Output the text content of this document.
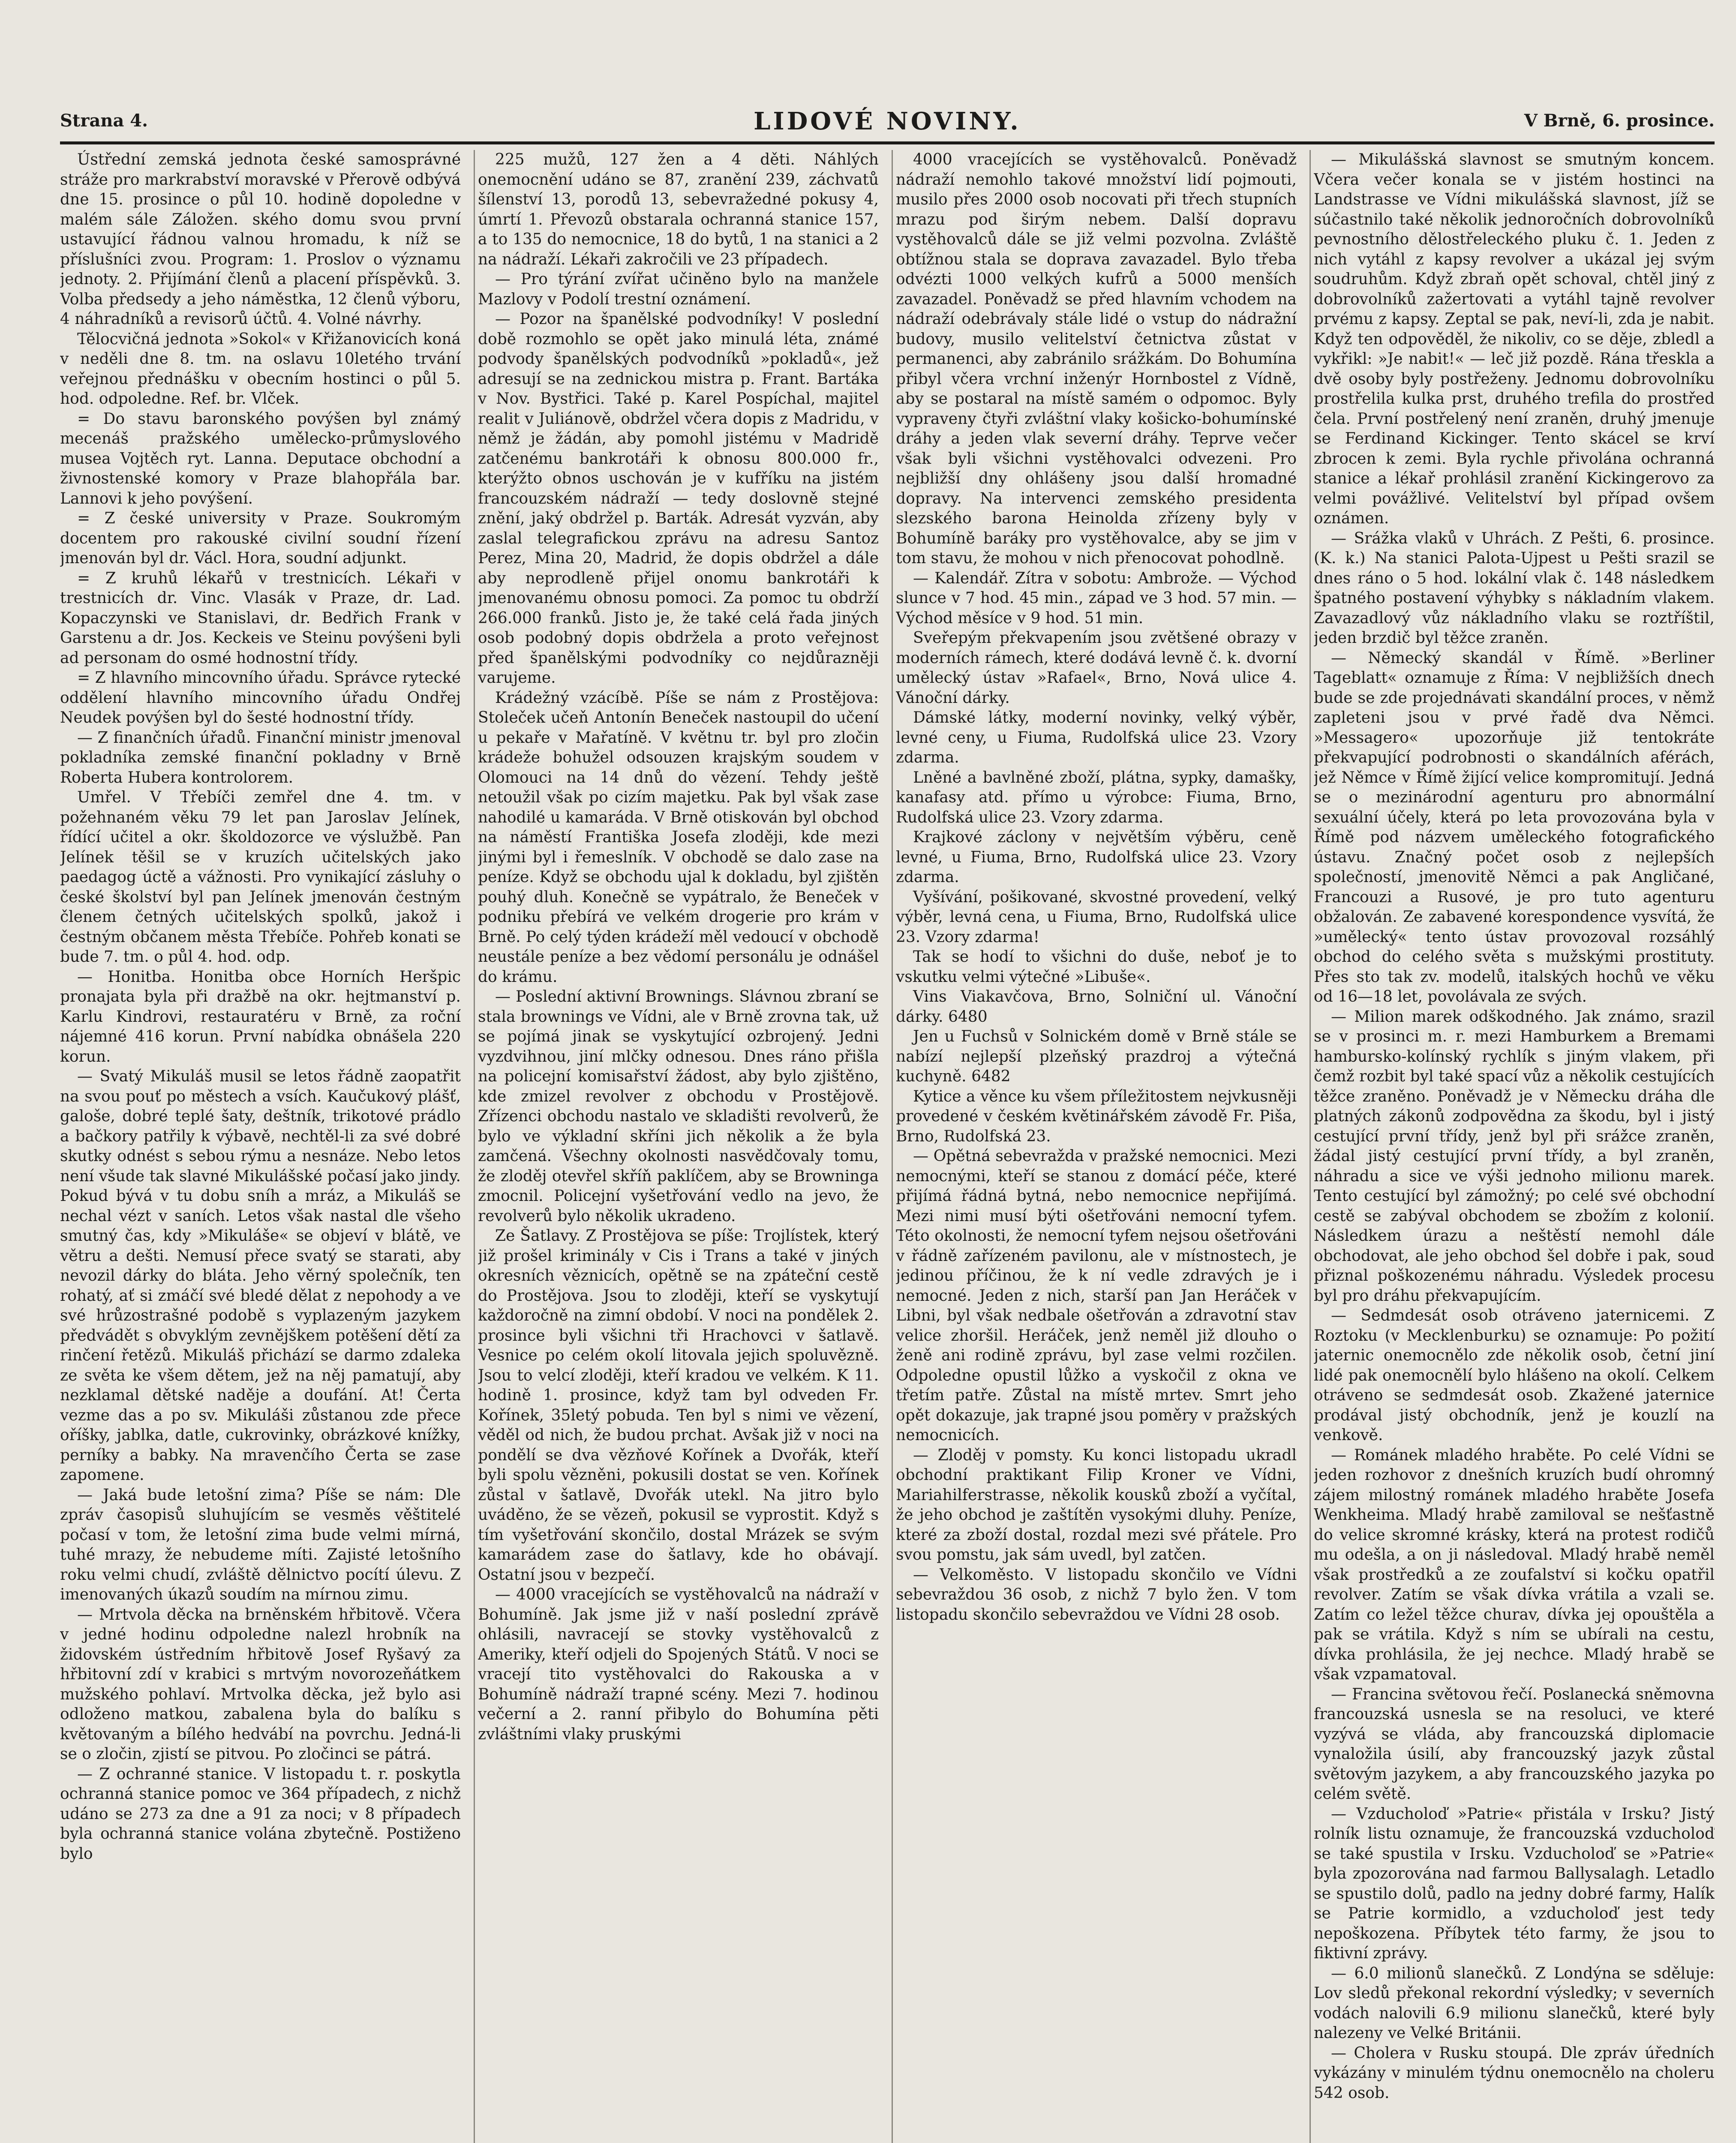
Strana 4.	LIDOVÉ NOVINY.	V Brně, 6. prosince.

Ústřední zemská jednota české samosprávné stráže pro markrabství moravské v Přerově odbývá dne 15. prosince o půl 10. hodině dopoledne v malém sále Záložen. ského domu svou první ustavující řádnou valnou hromadu, k níž se příslušníci zvou. Program: 1. Proslov o významu jednoty. 2. Přijímání členů a placení příspěvků. 3. Volba předsedy a jeho náměstka, 12 členů výboru, 4 náhradníků a revisorů účtů. 4. Volné návrhy.

Tělocvičná jednota »Sokol« v Křižanovicích koná v neděli dne 8. tm. na oslavu 10letého trvání veřejnou přednášku v obecním hostinci o půl 5. hod. odpoledne. Ref. br. Vlček.

= Do stavu baronského povýšen byl známý mecenáš pražského umělecko-průmyslového musea Vojtěch ryt. Lanna. Deputace obchodní a živnostenské komory v Praze blahopřála bar. Lannovi k jeho povýšení.

= Z české university v Praze. Soukromým docentem pro rakouské civilní soudní řízení jmenován byl dr. Václ. Hora, soudní adjunkt.

= Z kruhů lékařů v trestnicích. Lékaři v trestnicích dr. Vinc. Vlasák v Praze, dr. Lad. Kopaczynski ve Stanislavi, dr. Bedřich Frank v Garstenu a dr. Jos. Keckeis ve Steinu povýšeni byli ad personam do osmé hodnostní třídy.

= Z hlavního mincovního úřadu. Správce rytecké oddělení hlavního mincovního úřadu Ondřej Neudek povýšen byl do šesté hodnostní třídy.

— Z finančních úřadů. Finanční ministr jmenoval pokladníka zemské finanční pokladny v Brně Roberta Hubera kontrolorem.

Umřel. V Třebíči zemřel dne 4. tm. v požehnaném věku 79 let pan Jaroslav Jelínek, řídící učitel a okr. školdozorce ve výslužbě. Pan Jelínek těšil se v kruzích učitelských jako paedagog úctě a vážnosti. Pro vynikající zásluhy o české školství byl pan Jelínek jmenován čestným členem četných učitelských spolků, jakož i čestným občanem města Třebíče. Pohřeb konati se bude 7. tm. o půl 4. hod. odp.

— Honitba. Honitba obce Horních Heršpic pronajata byla při dražbě na okr. hejtmanství p. Karlu Kindrovi, restauratéru v Brně, za roční nájemné 416 korun. První nabídka obnášela 220 korun.

— Svatý Mikuláš musil se letos řádně zaopatřit na svou pouť po městech a vsích. Kaučukový plášť, galoše, dobré teplé šaty, deštník, trikotové prádlo a bačkory patřily k výbavě, nechtěl-li za své dobré skutky odnést s sebou rýmu a nesnáze. Nebo letos není všude tak slavné Mikulášské počasí jako jindy. Pokud bývá v tu dobu sníh a mráz, a Mikuláš se nechal vézt v saních. Letos však nastal dle všeho smutný čas, kdy »Mikuláše« se objeví v blátě, ve větru a dešti. Nemusí přece svatý se starati, aby nevozil dárky do bláta. Jeho věrný společník, ten rohatý, ať si zmáčí své bledé dělat z nepohody a ve své hrůzostrašné podobě s vyplazeným jazykem předvádět s obvyklým zevnějškem potěšení dětí za rinčení řetězů. Mikuláš přichází se darmo zdaleka ze světa ke všem dětem, jež na něj pamatují, aby nezklamal dětské naděje a doufání. At! Čerta vezme das a po sv. Mikuláši zůstanou zde přece oříšky, jablka, datle, cukrovinky, obrázkové knížky, perníky a babky. Na mravenčího Čerta se zase zapomene.

— Jaká bude letošní zima? Píše se nám: Dle zpráv časopisů sluhujícím se vesměs věštitelé počasí v tom, že letošní zima bude velmi mírná, tuhé mrazy, že nebudeme míti. Zajisté letošního roku velmi chudí, zvláště dělnictvo pocítí úlevu. Z imenovaných úkazů soudím na mírnou zimu.

— Mrtvola děcka na brněnském hřbitově. Včera v jedné hodinu odpoledne nalezl hrobník na židovském ústředním hřbitově Josef Ryšavý za hřbitovní zdí v krabici s mrtvým novorozeňátkem mužského pohlaví. Mrtvolka děcka, jež bylo asi odloženo matkou, zabalena byla do balíku s květovaným a bílého hedvábí na povrchu. Jedná-li se o zločin, zjistí se pitvou. Po zločinci se pátrá.

— Z ochranné stanice. V listopadu t. r. poskytla ochranná stanice pomoc ve 364 případech, z nichž udáno se 273 za dne a 91 za noci; v 8 případech byla ochranná stanice volána zbytečně. Postiženo bylo

225 mužů, 127 žen a 4 děti. Náhlých onemocnění udáno se 87, zranění 239, záchvatů šílenství 13, porodů 13, sebevražedné pokusy 4, úmrtí 1. Převozů obstarala ochranná stanice 157, a to 135 do nemocnice, 18 do bytů, 1 na stanici a 2 na nádraží. Lékaři zakročili ve 23 případech.

— Pro týrání zvířat učiněno bylo na manžele Mazlovy v Podolí trestní oznámení.

— Pozor na španělské podvodníky! V poslední době rozmohlo se opět jako minulá léta, známé podvody španělských podvodníků »pokladů«, jež adresují se na zednickou mistra p. Frant. Bartáka v Nov. Bystřici. Také p. Karel Pospíchal, majitel realit v Juliánově, obdržel včera dopis z Madridu, v němž je žádán, aby pomohl jistému v Madridě zatčenému bankrotáři k obnosu 800.000 fr., kterýžto obnos uschován je v kufříku na jistém francouzském nádraží — tedy doslovně stejné znění, jaký obdržel p. Barták. Adresát vyzván, aby zaslal telegrafickou zprávu na adresu Santoz Perez, Mina 20, Madrid, že dopis obdržel a dále aby neprodleně přijel onomu bankrotáři k jmenovanému obnosu pomoci. Za pomoc tu obdrží 266.000 franků. Jisto je, že také celá řada jiných osob podobný dopis obdržela a proto veřejnost před španělskými podvodníky co nejdůrazněji varujeme.

Krádežný vzácíbě. Píše se nám z Prostějova: Stoleček učeň Antonín Beneček nastoupil do učení u pekaře v Mařatíně. V květnu tr. byl pro zločin krádeže bohužel odsouzen krajským soudem v Olomouci na 14 dnů do vězení. Tehdy ještě netoužil však po cizím majetku. Pak byl však zase nahodilé u kamaráda. V Brně otiskován byl obchod na náměstí Františka Josefa zloději, kde mezi jinými byl i řemeslník. V obchodě se dalo zase na peníze. Když se obchodu ujal k dokladu, byl zjištěn pouhý dluh. Konečně se vypátralo, že Beneček v podniku přebírá ve velkém drogerie pro krám v Brně. Po celý týden krádeží měl vedoucí v obchodě neustále peníze a bez vědomí personálu je odnášel do krámu.

— Poslední aktivní Brownings. Slávnou zbraní se stala brownings ve Vídni, ale v Brně zrovna tak, už se pojímá jinak se vyskytující ozbrojený. Jedni vyzdvihnou, jiní mlčky odnesou. Dnes ráno přišla na policejní komisařství žádost, aby bylo zjištěno, kde zmizel revolver z obchodu v Prostějově. Zřízenci obchodu nastalo ve skladišti revolverů, že bylo ve výkladní skříni jich několik a že byla zamčená. Všechny okolnosti nasvědčovaly tomu, že zloděj otevřel skříň paklíčem, aby se Browninga zmocnil. Policejní vyšetřování vedlo na jevo, že revolverů bylo několik ukradeno.

Ze Šatlavy. Z Prostějova se píše: Trojlístek, který již prošel kriminály v Cis i Trans a také v jiných okresních věznicích, opětně se na zpáteční cestě do Prostějova. Jsou to zloději, kteří se vyskytují každoročně na zimní období. V noci na pondělek 2. prosince byli všichni tři Hrachovci v šatlavě. Vesnice po celém okolí litovala jejich spoluvězně. Jsou to velcí zloději, kteří kradou ve velkém. K 11. hodině 1. prosince, když tam byl odveden Fr. Kořínek, 35letý pobuda. Ten byl s nimi ve vězení, věděl od nich, že budou prchat. Avšak již v noci na pondělí se dva vězňové Kořínek a Dvořák, kteří byli spolu vězněni, pokusili dostat se ven. Kořínek zůstal v šatlavě, Dvořák utekl. Na jitro bylo uváděno, že se vězeň, pokusil se vyprostit. Když s tím vyšetřování skončilo, dostal Mrázek se svým kamarádem zase do šatlavy, kde ho obávají. Ostatní jsou v bezpečí.

— 4000 vracejících se vystěhovalců na nádraží v Bohumíně. Jak jsme již v naší poslední zprávě ohlásili, navracejí se stovky vystěhovalců z Ameriky, kteří odjeli do Spojených Států. V noci se vracejí tito vystěhovalci do Rakouska a v Bohumíně nádraží trapné scény. Mezi 7. hodinou večerní a 2. ranní přibylo do Bohumína pěti zvláštními vlaky pruskými

4000 vracejících se vystěhovalců. Poněvadž nádraží nemohlo takové množství lidí pojmouti, musilo přes 2000 osob nocovati při třech stupních mrazu pod širým nebem. Další dopravu vystěhovalců dále se již velmi pozvolna. Zvláště obtížnou stala se doprava zavazadel. Bylo třeba odvézti 1000 velkých kufrů a 5000 menších zavazadel. Poněvadž se před hlavním vchodem na nádraží odebrávaly stále lidé o vstup do nádražní budovy, musilo velitelství četnictva zůstat v permanenci, aby zabránilo srážkám. Do Bohumína přibyl včera vrchní inženýr Hornbostel z Vídně, aby se postaral na místě samém o odpomoc. Byly vypraveny čtyři zvláštní vlaky košicko-bohumínské dráhy a jeden vlak severní dráhy. Teprve večer však byli všichni vystěhovalci odvezeni. Pro nejbližší dny ohlášeny jsou další hromadné dopravy. Na intervenci zemského presidenta slezského barona Heinolda zřízeny byly v Bohumíně baráky pro vystěhovalce, aby se jim v tom stavu, že mohou v nich přenocovat pohodlně.

— Kalendář. Zítra v sobotu: Ambrože. — Východ slunce v 7 hod. 45 min., západ ve 3 hod. 57 min. — Východ měsíce v 9 hod. 51 min.

Sveřepým překvapením jsou zvětšené obrazy v moderních rámech, které dodává levně č. k. dvorní umělecký ústav »Rafael«, Brno, Nová ulice 4. Vánoční dárky.

Dámské látky, moderní novinky, velký výběr, levné ceny, u Fiuma, Rudolfská ulice 23. Vzory zdarma.

Lněné a bavlněné zboží, plátna, sypky, damašky, kanafasy atd. přímo u výrobce: Fiuma, Brno, Rudolfská ulice 23. Vzory zdarma.

Krajkové záclony v největším výběru, ceně levné, u Fiuma, Brno, Rudolfská ulice 23. Vzory zdarma.

Vyšívání, pošikované, skvostné provedení, velký výběr, levná cena, u Fiuma, Brno, Rudolfská ulice 23. Vzory zdarma!

Tak se hodí to všichni do duše, neboť je to vskutku velmi výtečné »Libuše«.

Vins Viakavčova, Brno, Solniční ul. Vánoční dárky. 6480

Jen u Fuchsů v Solnickém domě v Brně stále se nabízí nejlepší plzeňský prazdroj a výtečná kuchyně. 6482

Kytice a věnce ku všem příležitostem nejvkusněji provedené v českém květinářském závodě Fr. Piša, Brno, Rudolfská 23.

— Opětná sebevražda v pražské nemocnici. Mezi nemocnými, kteří se stanou z domácí péče, které přijímá řádná bytná, nebo nemocnice nepřijímá. Mezi nimi musí býti ošetřováni nemocní tyfem. Této okolnosti, že nemocní tyfem nejsou ošetřováni v řádně zařízeném pavilonu, ale v místnostech, je jedinou příčinou, že k ní vedle zdravých je i nemocné. Jeden z nich, starší pan Jan Heráček v Libni, byl však nedbale ošetřován a zdravotní stav velice zhoršil. Heráček, jenž neměl již dlouho o ženě ani rodině zprávu, byl zase velmi rozčilen. Odpoledne opustil lůžko a vyskočil z okna ve třetím patře. Zůstal na místě mrtev. Smrt jeho opět dokazuje, jak trapné jsou poměry v pražských nemocnicích.

— Zloděj v pomsty. Ku konci listopadu ukradl obchodní praktikant Filip Kroner ve Vídni, Mariahilferstrasse, několik kousků zboží a vyčítal, že jeho obchod je zaštítěn vysokými dluhy. Peníze, které za zboží dostal, rozdal mezi své přátele. Pro svou pomstu, jak sám uvedl, byl zatčen.

— Velkoměsto. V listopadu skončilo ve Vídni sebevraždou 36 osob, z nichž 7 bylo žen. V tom listopadu skončilo sebevraždou ve Vídni 28 osob.

— Mikulášská slavnost se smutným koncem. Včera večer konala se v jistém hostinci na Landstrasse ve Vídni mikulášská slavnost, jíž se súčastnilo také několik jednoročních dobrovolníků pevnostního dělostřeleckého pluku č. 1. Jeden z nich vytáhl z kapsy revolver a ukázal jej svým soudruhům. Když zbraň opět schoval, chtěl jiný z dobrovolníků zažertovati a vytáhl tajně revolver prvému z kapsy. Zeptal se pak, neví-li, zda je nabit. Když ten odpověděl, že nikoliv, co se děje, zbledl a vykřikl: »Je nabit!« — leč již pozdě. Rána třeskla a dvě osoby byly postřeženy. Jednomu dobrovolníku prostřelila kulka prst, druhého trefila do prostřed čela. První postřelený není zraněn, druhý jmenuje se Ferdinand Kickinger. Tento skácel se krví zbrocen k zemi. Byla rychle přivolána ochranná stanice a lékař prohlásil zranění Kickingerovo za velmi povážlivé. Velitelství byl případ ovšem oznámen.

— Srážka vlaků v Uhrách. Z Pešti, 6. prosince. (K. k.) Na stanici Palota-Ujpest u Pešti srazil se dnes ráno o 5 hod. lokální vlak č. 148 následkem špatného postavení výhybky s nákladním vlakem. Zavazadlový vůz nákladního vlaku se roztříštil, jeden brzdič byl těžce zraněn.

— Německý skandál v Římě. »Berliner Tageblatt« oznamuje z Říma: V nejbližších dnech bude se zde projednávati skandální proces, v němž zapleteni jsou v prvé řadě dva Němci. »Messagero« upozorňuje již tentokráte překvapující podrobnosti o skandálních aférách, jež Němce v Římě žijící velice kompromitují. Jedná se o mezinárodní agenturu pro abnormální sexuální účely, která po leta provozována byla v Římě pod názvem uměleckého fotografického ústavu. Značný počet osob z nejlepších společností, jmenovitě Němci a pak Angličané, Francouzi a Rusové, je pro tuto agenturu obžalován. Ze zabavené korespondence vysvítá, že »umělecký« tento ústav provozoval rozsáhlý obchod do celého světa s mužskými prostituty. Přes sto tak zv. modelů, italských hochů ve věku od 16—18 let, povolávala ze svých.

— Milion marek odškodného. Jak známo, srazil se v prosinci m. r. mezi Hamburkem a Bremami hambursko-kolínský rychlík s jiným vlakem, při čemž rozbit byl také spací vůz a několik cestujících těžce zraněno. Poněvadž je v Německu dráha dle platných zákonů zodpovědna za škodu, byl i jistý cestující první třídy, jenž byl při srážce zraněn, žádal jistý cestující první třídy, a byl zraněn, náhradu a sice ve výši jednoho milionu marek. Tento cestující byl zámožný; po celé své obchodní cestě se zabýval obchodem se zbožím z kolonií. Následkem úrazu a neštěstí nemohl dále obchodovat, ale jeho obchod šel dobře i pak, soud přiznal poškozenému náhradu. Výsledek procesu byl pro dráhu překvapujícím.

— Sedmdesát osob otráveno jaternicemi. Z Roztoku (v Mecklenburku) se oznamuje: Po požití jaternic onemocnělo zde několik osob, četní jiní lidé pak onemocnělí bylo hlášeno na okolí. Celkem otráveno se sedmdesát osob. Zkažené jaternice prodával jistý obchodník, jenž je kouzlí na venkově.

— Románek mladého hraběte. Po celé Vídni se jeden rozhovor z dnešních kruzích budí ohromný zájem milostný románek mladého hraběte Josefa Wenkheima. Mladý hrabě zamiloval se nešťastně do velice skromné krásky, která na protest rodičů mu odešla, a on ji následoval. Mladý hrabě neměl však prostředků a ze zoufalství si kočku opatřil revolver. Zatím se však dívka vrátila a vzali se. Zatím co ležel těžce churav, dívka jej opouštěla a pak se vrátila. Když s ním se ubírali na cestu, dívka prohlásila, že jej nechce. Mladý hrabě se však vzpamatoval.

— Francina světovou řečí. Poslanecká sněmovna francouzská usnesla se na resoluci, ve které vyzývá se vláda, aby francouzská diplomacie vynaložila úsilí, aby francouzský jazyk zůstal světovým jazykem, a aby francouzského jazyka po celém světě.

— Vzducholoď »Patrie« přistála v Irsku? Jistý rolník listu oznamuje, že francouzská vzducholoď se také spustila v Irsku. Vzducholoď se »Patrie« byla zpozorována nad farmou Ballysalagh. Letadlo se spustilo dolů, padlo na jedny dobré farmy, Halík se Patrie kormidlo, a vzducholoď jest tedy nepoškozena. Příbytek této farmy, že jsou to fiktivní zprávy.

— 6.0 milionů slanečků. Z Londýna se sděluje: Lov sledů překonal rekordní výsledky; v severních vodách nalovili 6.9 milionu slanečků, které byly nalezeny ve Velké Británii.

— Cholera v Rusku stoupá. Dle zpráv úředních vykázány v minulém týdnu onemocnělo na choleru 542 osob.
